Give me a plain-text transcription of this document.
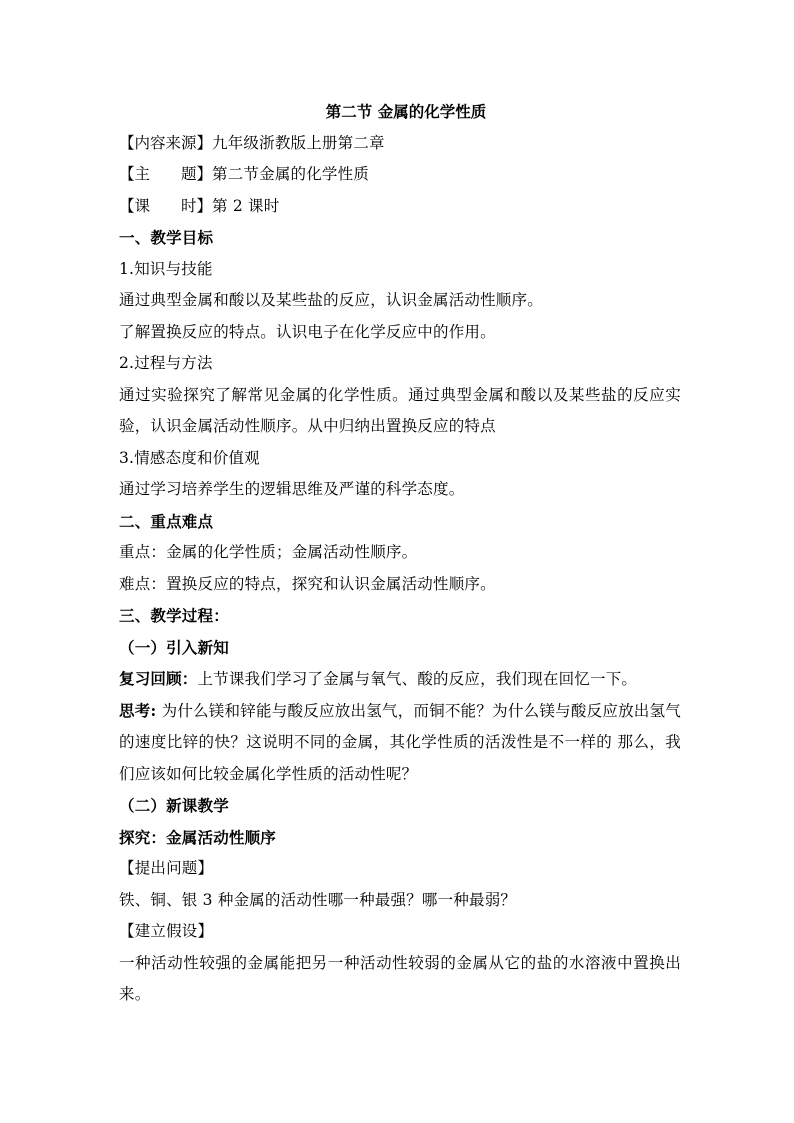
第二节 金属的化学性质
【内容来源】九年级浙教版上册第二章
【主　　题】第二节金属的化学性质
【课　　时】第 2 课时
一、教学目标
1.知识与技能
通过典型金属和酸以及某些盐的反应，认识金属活动性顺序。
了解置换反应的特点。认识电子在化学反应中的作用。
2.过程与方法
通过实验探究了解常见金属的化学性质。通过典型金属和酸以及某些盐的反应实验，认识金属活动性顺序。从中归纳出置换反应的特点
3.情感态度和价值观
通过学习培养学生的逻辑思维及严谨的科学态度。
二、重点难点
重点：金属的化学性质；金属活动性顺序。
难点：置换反应的特点，探究和认识金属活动性顺序。
三、教学过程：
（一）引入新知
复习回顾：上节课我们学习了金属与氧气、酸的反应，我们现在回忆一下。
思考: 为什么镁和锌能与酸反应放出氢气，而铜不能？为什么镁与酸反应放出氢气的速度比锌的快？这说明不同的金属，其化学性质的活泼性是不一样的 那么，我们应该如何比较金属化学性质的活动性呢？
（二）新课教学
探究：金属活动性顺序
【提出问题】
铁、铜、银 3 种金属的活动性哪一种最强？哪一种最弱？
【建立假设】
一种活动性较强的金属能把另一种活动性较弱的金属从它的盐的水溶液中置换出来。
